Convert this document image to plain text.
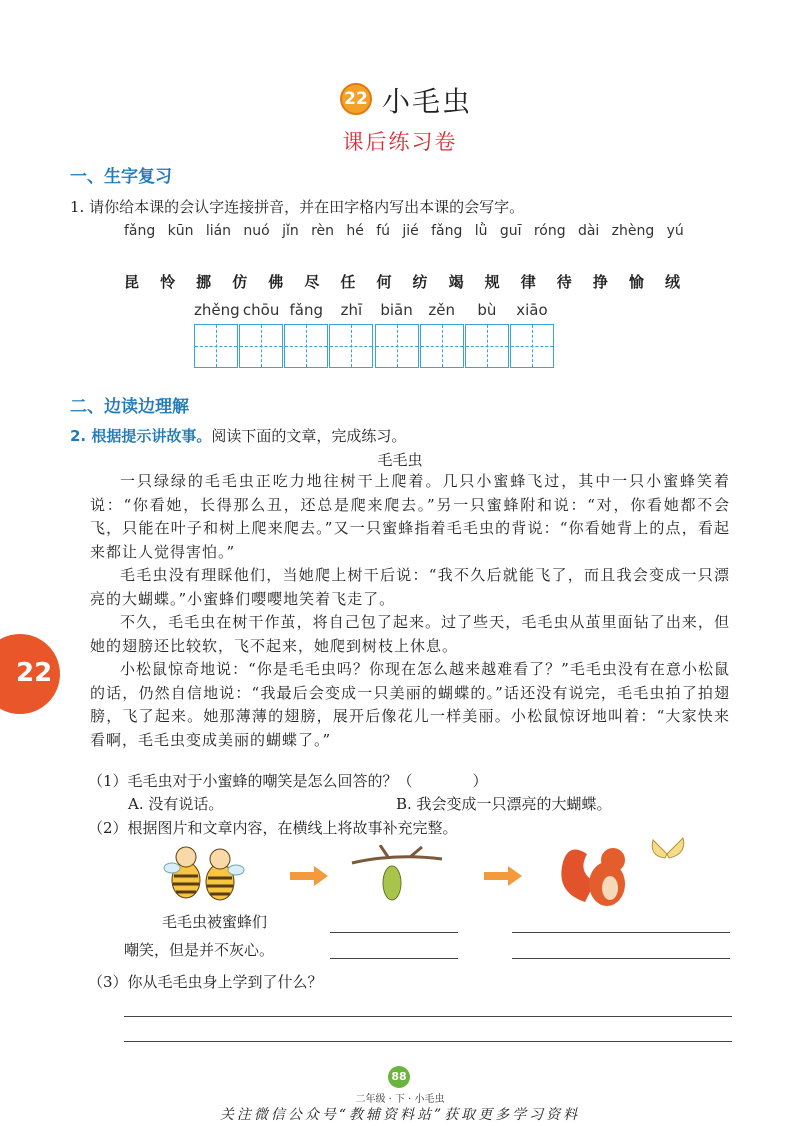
22 小毛虫
课后练习卷
一、生字复习
1. 请你给本课的会认字连接拼音，并在田字格内写出本课的会写字。
fǎng kūn lián nuó jǐn rèn hé fú jié fǎng lǜ guī róng dài zhèng yú
昆 怜 挪 仿 佛 尽 任 何 纺 竭 规 律 待 挣 愉 绒
zhěng chōu fǎng	zhī	biān	zěn	bù	xiāo
二、边读边理解
2. 根据提示讲故事。阅读下面的文章，完成练习。
毛毛虫

一只绿绿的毛毛虫正吃力地往树干上爬着。几只小蜜蜂飞过，其中一只小蜜蜂笑着说：“你看她，长得那么丑，还总是爬来爬去。”另一只蜜蜂附和说：“对，你看她都不会飞，只能在叶子和树上爬来爬去。”又一只蜜蜂指着毛毛虫的背说：“你看她背上的点，看起来都让人觉得害怕。”

毛毛虫没有理睬他们，当她爬上树干后说：“我不久后就能飞了，而且我会变成一只漂亮的大蝴蝶。”小蜜蜂们嘤嘤地笑着飞走了。

不久，毛毛虫在树干作茧，将自己包了起来。过了些天，毛毛虫从茧里面钻了出来，但她的翅膀还比较软，飞不起来，她爬到树枝上休息。

小松鼠惊奇地说：“你是毛毛虫吗？你现在怎么越来越难看了？”毛毛虫没有在意小松鼠的话，仍然自信地说：“我最后会变成一只美丽的蝴蝶的。”话还没有说完，毛毛虫拍了拍翅膀，飞了起来。她那薄薄的翅膀，展开后像花儿一样美丽。小松鼠惊讶地叫着：“大家快来看啊，毛毛虫变成美丽的蝴蝶了。”

22
（1）毛毛虫对于小蜜蜂的嘲笑是怎么回答的？（　　　　）
A. 没有说话。	B. 我会变成一只漂亮的大蝴蝶。
（2）根据图片和文章内容，在横线上将故事补充完整。
毛毛虫被蜜蜂们
嘲笑，但是并不灰心。
（3）你从毛毛虫身上学到了什么？
88
二年级 · 下 · 小毛虫
关注微信公众号“教辅资料站”获取更多学习资料
